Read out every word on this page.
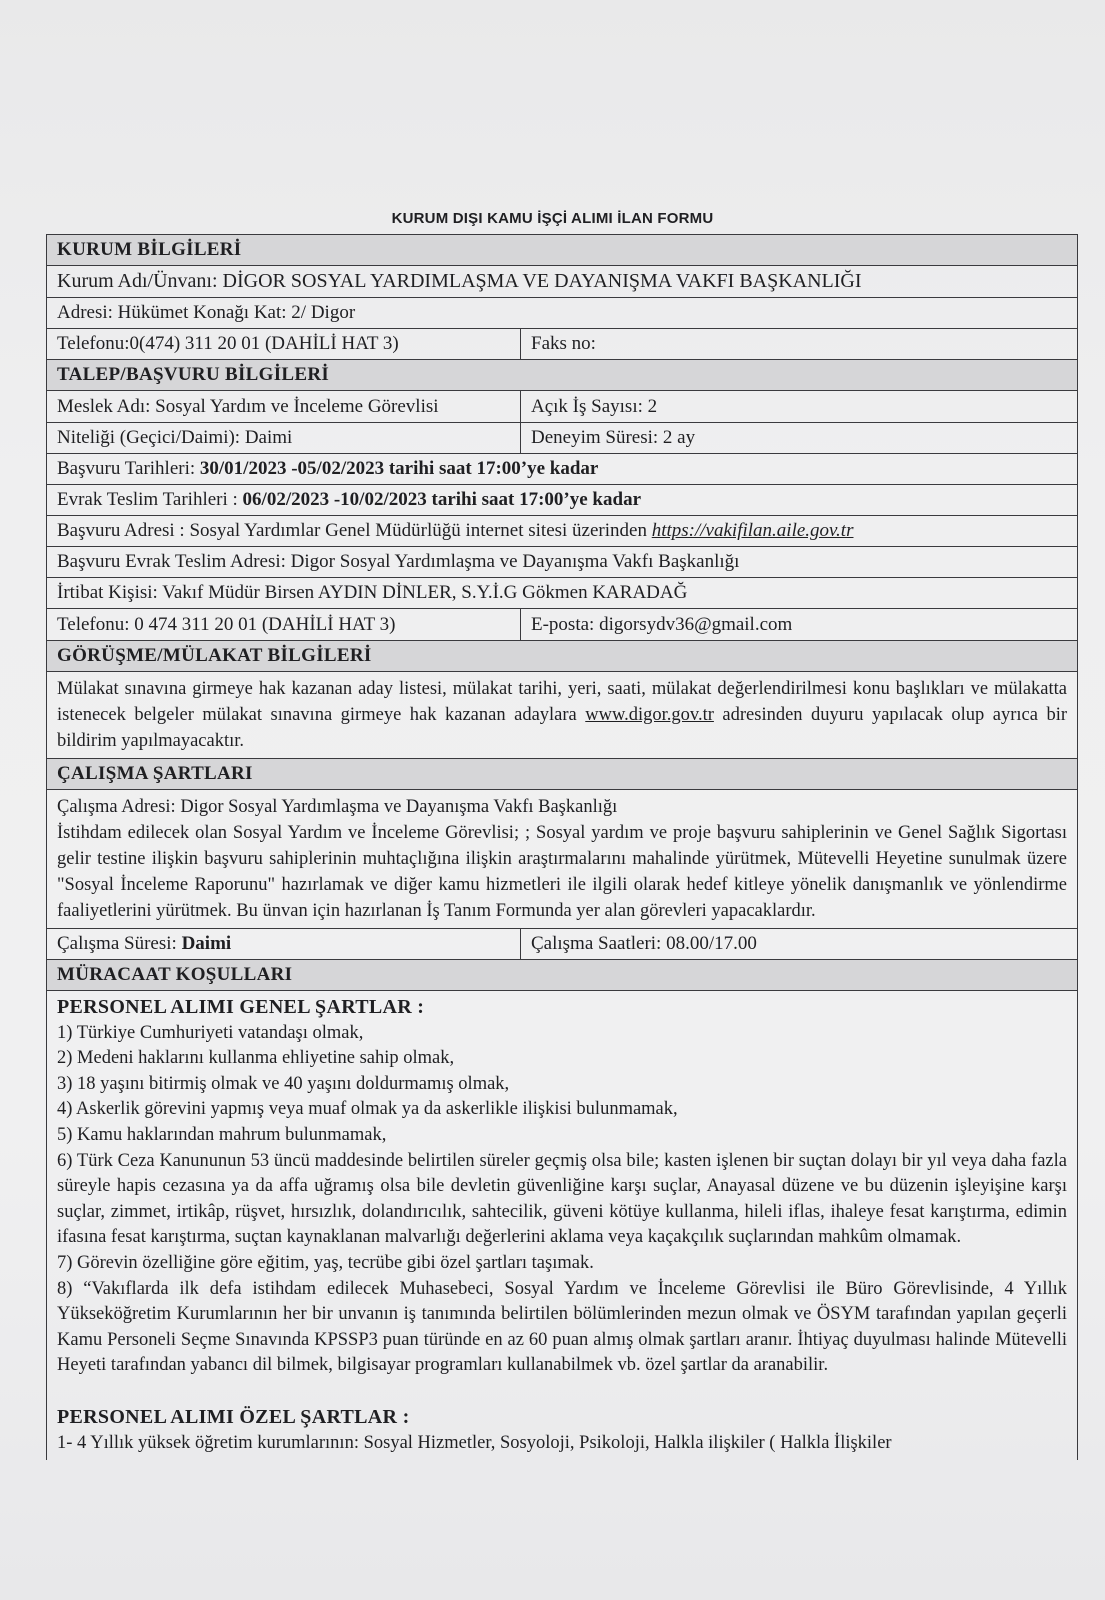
KURUM DIŞI KAMU İŞÇİ ALIMI İLAN FORMU
KURUM BİLGİLERİ
Kurum Adı/Ünvanı: DİGOR SOSYAL YARDIMLAŞMA VE DAYANIŞMA VAKFI BAŞKANLIĞI
Adresi: Hükümet Konağı Kat: 2/ Digor
Telefonu:0(474) 311 20 01 (DAHİLİ HAT 3)	Faks no:
TALEP/BAŞVURU BİLGİLERİ
Meslek Adı: Sosyal Yardım ve İnceleme Görevlisi	Açık İş Sayısı: 2
Niteliği (Geçici/Daimi): Daimi	Deneyim Süresi: 2 ay
Başvuru Tarihleri:
30/01/2023 -05/02/2023 tarihi saat 17:00’ye kadar
Evrak Teslim Tarihleri :
06/02/2023 -10/02/2023 tarihi saat 17:00’ye kadar
Başvuru Adresi : Sosyal Yardımlar Genel Müdürlüğü internet sitesi üzerinden
https://vakifilan.aile.gov.tr
Başvuru Evrak Teslim Adresi: Digor Sosyal Yardımlaşma ve Dayanışma Vakfı Başkanlığı
İrtibat Kişisi: Vakıf Müdür Birsen AYDIN DİNLER, S.Y.İ.G Gökmen KARADAĞ
Telefonu: 0 474 311 20 01 (DAHİLİ HAT 3)	E-posta: digorsydv36@gmail.com
GÖRÜŞME/MÜLAKAT BİLGİLERİ
Mülakat sınavına girmeye hak kazanan aday listesi, mülakat tarihi, yeri, saati, mülakat değerlendirilmesi konu başlıkları ve mülakatta istenecek belgeler mülakat sınavına girmeye hak kazanan adaylara www.digor.gov.tr adresinden duyuru yapılacak olup ayrıca bir bildirim yapılmayacaktır.
ÇALIŞMA ŞARTLARI

Çalışma Adresi: Digor Sosyal Yardımlaşma ve Dayanışma Vakfı Başkanlığı

İstihdam edilecek olan Sosyal Yardım ve İnceleme Görevlisi; ; Sosyal yardım ve proje başvuru sahiplerinin ve Genel Sağlık Sigortası gelir testine ilişkin başvuru sahiplerinin muhtaçlığına ilişkin araştırmalarını mahalinde yürütmek, Mütevelli Heyetine sunulmak üzere "Sosyal İnceleme Raporunu" hazırlamak ve diğer kamu hizmetleri ile ilgili olarak hedef kitleye yönelik danışmanlık ve yönlendirme faaliyetlerini yürütmek. Bu ünvan için hazırlanan İş Tanım Formunda yer alan görevleri yapacaklardır.

Çalışma Süresi:
Daimi	Çalışma Saatleri: 08.00/17.00
MÜRACAAT KOŞULLARI

PERSONEL ALIMI GENEL ŞARTLAR :

1) Türkiye Cumhuriyeti vatandaşı olmak,

2) Medeni haklarını kullanma ehliyetine sahip olmak,

3) 18 yaşını bitirmiş olmak ve 40 yaşını doldurmamış olmak,

4) Askerlik görevini yapmış veya muaf olmak ya da askerlikle ilişkisi bulunmamak,

5) Kamu haklarından mahrum bulunmamak,

6) Türk Ceza Kanununun 53 üncü maddesinde belirtilen süreler geçmiş olsa bile; kasten işlenen bir suçtan dolayı bir yıl veya daha fazla süreyle hapis cezasına ya da affa uğramış olsa bile devletin güvenliğine karşı suçlar, Anayasal düzene ve bu düzenin işleyişine karşı suçlar, zimmet, irtikâp, rüşvet, hırsızlık, dolandırıcılık, sahtecilik, güveni kötüye kullanma, hileli iflas, ihaleye fesat karıştırma, edimin ifasına fesat karıştırma, suçtan kaynaklanan malvarlığı değerlerini aklama veya kaçakçılık suçlarından mahkûm olmamak.

7) Görevin özelliğine göre eğitim, yaş, tecrübe gibi özel şartları taşımak.

8) “Vakıflarda ilk defa istihdam edilecek Muhasebeci, Sosyal Yardım ve İnceleme Görevlisi ile Büro Görevlisinde, 4 Yıllık Yükseköğretim Kurumlarının her bir unvanın iş tanımında belirtilen bölümlerinden mezun olmak ve ÖSYM tarafından yapılan geçerli Kamu Personeli Seçme Sınavında KPSSP3 puan türünde en az 60 puan almış olmak şartları aranır. İhtiyaç duyulması halinde Mütevelli Heyeti tarafından yabancı dil bilmek, bilgisayar programları kullanabilmek vb. özel şartlar da aranabilir.

PERSONEL ALIMI ÖZEL ŞARTLAR :

1- 4 Yıllık yüksek öğretim kurumlarının: Sosyal Hizmetler, Sosyoloji, Psikoloji, Halkla ilişkiler ( Halkla İlişkiler
